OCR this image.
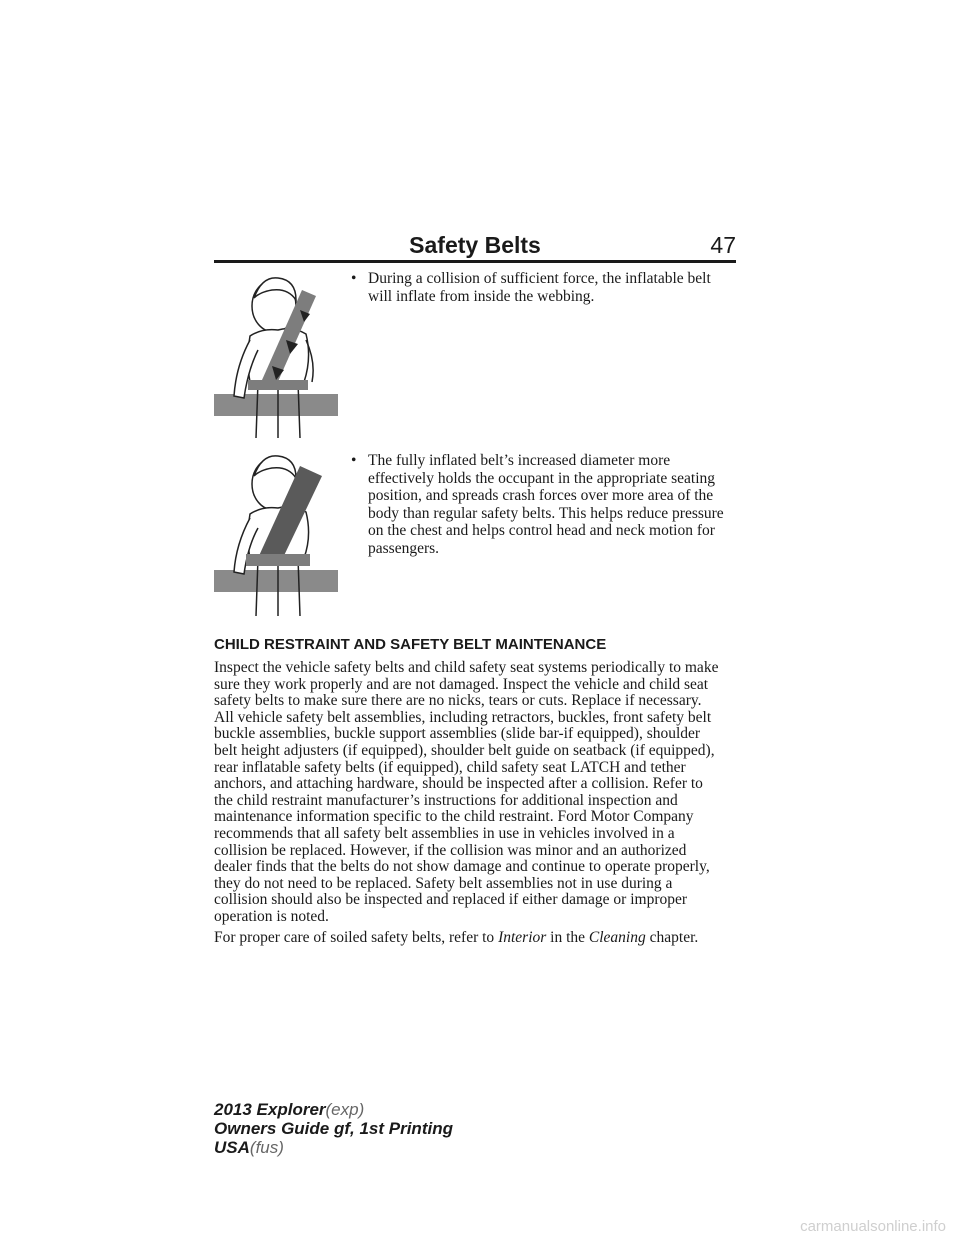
Safety Belts	47
• During a collision of sufficient force, the inflatable belt will inflate from inside the webbing.
• The fully inflated belt’s increased diameter more effectively holds the occupant in the appropriate seating position, and spreads crash forces over more area of the body than regular safety belts. This helps reduce pressure on the chest and helps control head and neck motion for passengers.
CHILD RESTRAINT AND SAFETY BELT MAINTENANCE
Inspect the vehicle safety belts and child safety seat systems periodically to make sure they work properly and are not damaged. Inspect the vehicle and child seat safety belts to make sure there are no nicks, tears or cuts. Replace if necessary. All vehicle safety belt assemblies, including retractors, buckles, front safety belt buckle assemblies, buckle support assemblies (slide bar-if equipped), shoulder belt height adjusters (if equipped), shoulder belt guide on seatback (if equipped), rear inflatable safety belts (if equipped), child safety seat LATCH and tether anchors, and attaching hardware, should be inspected after a collision. Refer to the child restraint manufacturer’s instructions for additional inspection and maintenance information specific to the child restraint. Ford Motor Company recommends that all safety belt assemblies in use in vehicles involved in a collision be replaced. However, if the collision was minor and an authorized dealer finds that the belts do not show damage and continue to operate properly, they do not need to be replaced. Safety belt assemblies not in use during a collision should also be inspected and replaced if either damage or improper operation is noted.
For proper care of soiled safety belts, refer to Interior in the Cleaning chapter.
2013 Explorer(exp)
Owners Guide gf, 1st Printing
USA(fus)
carmanualsonline.info
